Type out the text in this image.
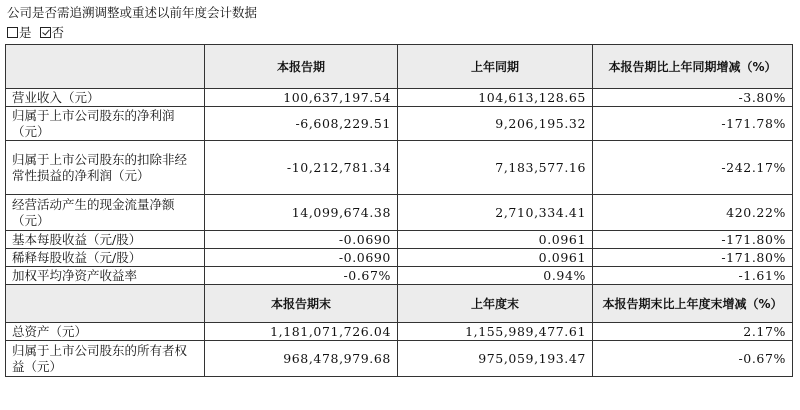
公司是否需追溯调整或重述以前年度会计数据
是 否
	本报告期	上年同期	本报告期比上年同期增减（%）
营业收入（元）	100,637,197.54	104,613,128.65	-3.80%
归属于上市公司股东的净利润（元）	-6,608,229.51	9,206,195.32	-171.78%
归属于上市公司股东的扣除非经常性损益的净利润（元）	-10,212,781.34	7,183,577.16	-242.17%
经营活动产生的现金流量净额（元）	14,099,674.38	2,710,334.41	420.22%
基本每股收益（元/股）	-0.0690	0.0961	-171.80%
稀释每股收益（元/股）	-0.0690	0.0961	-171.80%
加权平均净资产收益率	-0.67%	0.94%	-1.61%
	本报告期末	上年度末	本报告期末比上年度末增减（%）
总资产（元）	1,181,071,726.04	1,155,989,477.61	2.17%
归属于上市公司股东的所有者权益（元）	968,478,979.68	975,059,193.47	-0.67%
